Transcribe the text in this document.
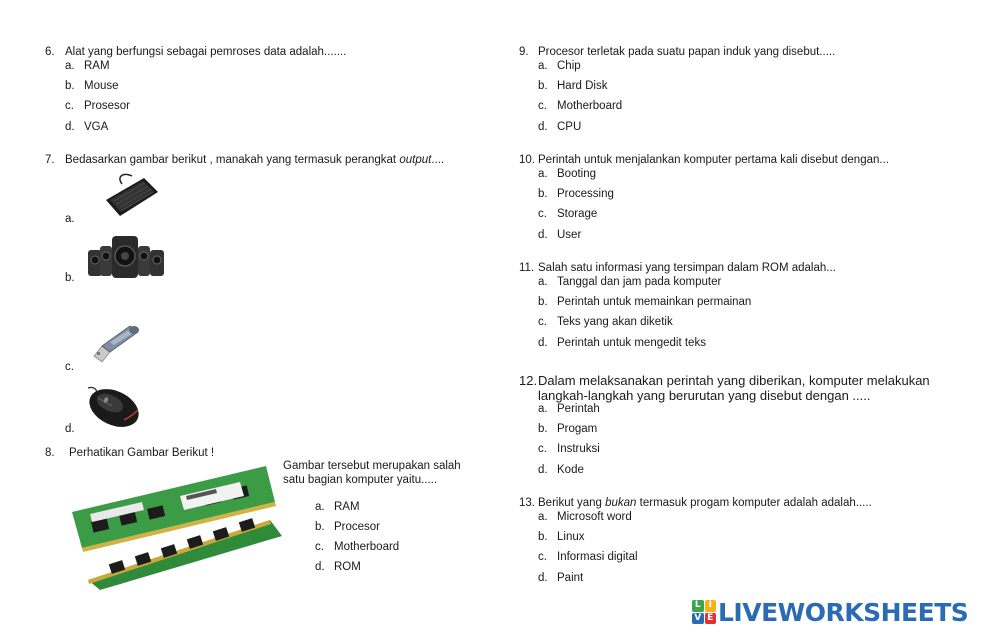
6. Alat yang berfungsi sebagai pemroses data adalah.......
a. RAM
b. Mouse
c. Prosesor
d. VGA
7. Bedasarkan gambar berikut , manakah yang termasuk perangkat output....
a.
b.
c.
d.
8. Perhatikan Gambar Berikut !
Gambar tersebut merupakan salah
satu bagian komputer yaitu.....
a. RAM
b. Procesor
c. Motherboard
d. ROM
9. Procesor terletak pada suatu papan induk yang disebut.....
a. Chip
b. Hard Disk
c. Motherboard
d. CPU
10. Perintah untuk menjalankan komputer pertama kali disebut dengan...
a. Booting
b. Processing
c. Storage
d. User
11. Salah satu informasi yang tersimpan dalam ROM adalah...
a. Tanggal dan jam pada komputer
b. Perintah untuk memainkan permainan
c. Teks yang akan diketik
d. Perintah untuk mengedit teks
12. Dalam melaksanakan perintah yang diberikan, komputer melakukan
langkah-langkah yang berurutan yang disebut dengan .....
a. Perintah
b. Progam
c. Instruksi
d. Kode
13. Berikut yang bukan termasuk progam komputer adalah adalah.....
a. Microsoft word
b. Linux
c. Informasi digital
d. Paint
L I
V E LIVEWORKSHEETS
